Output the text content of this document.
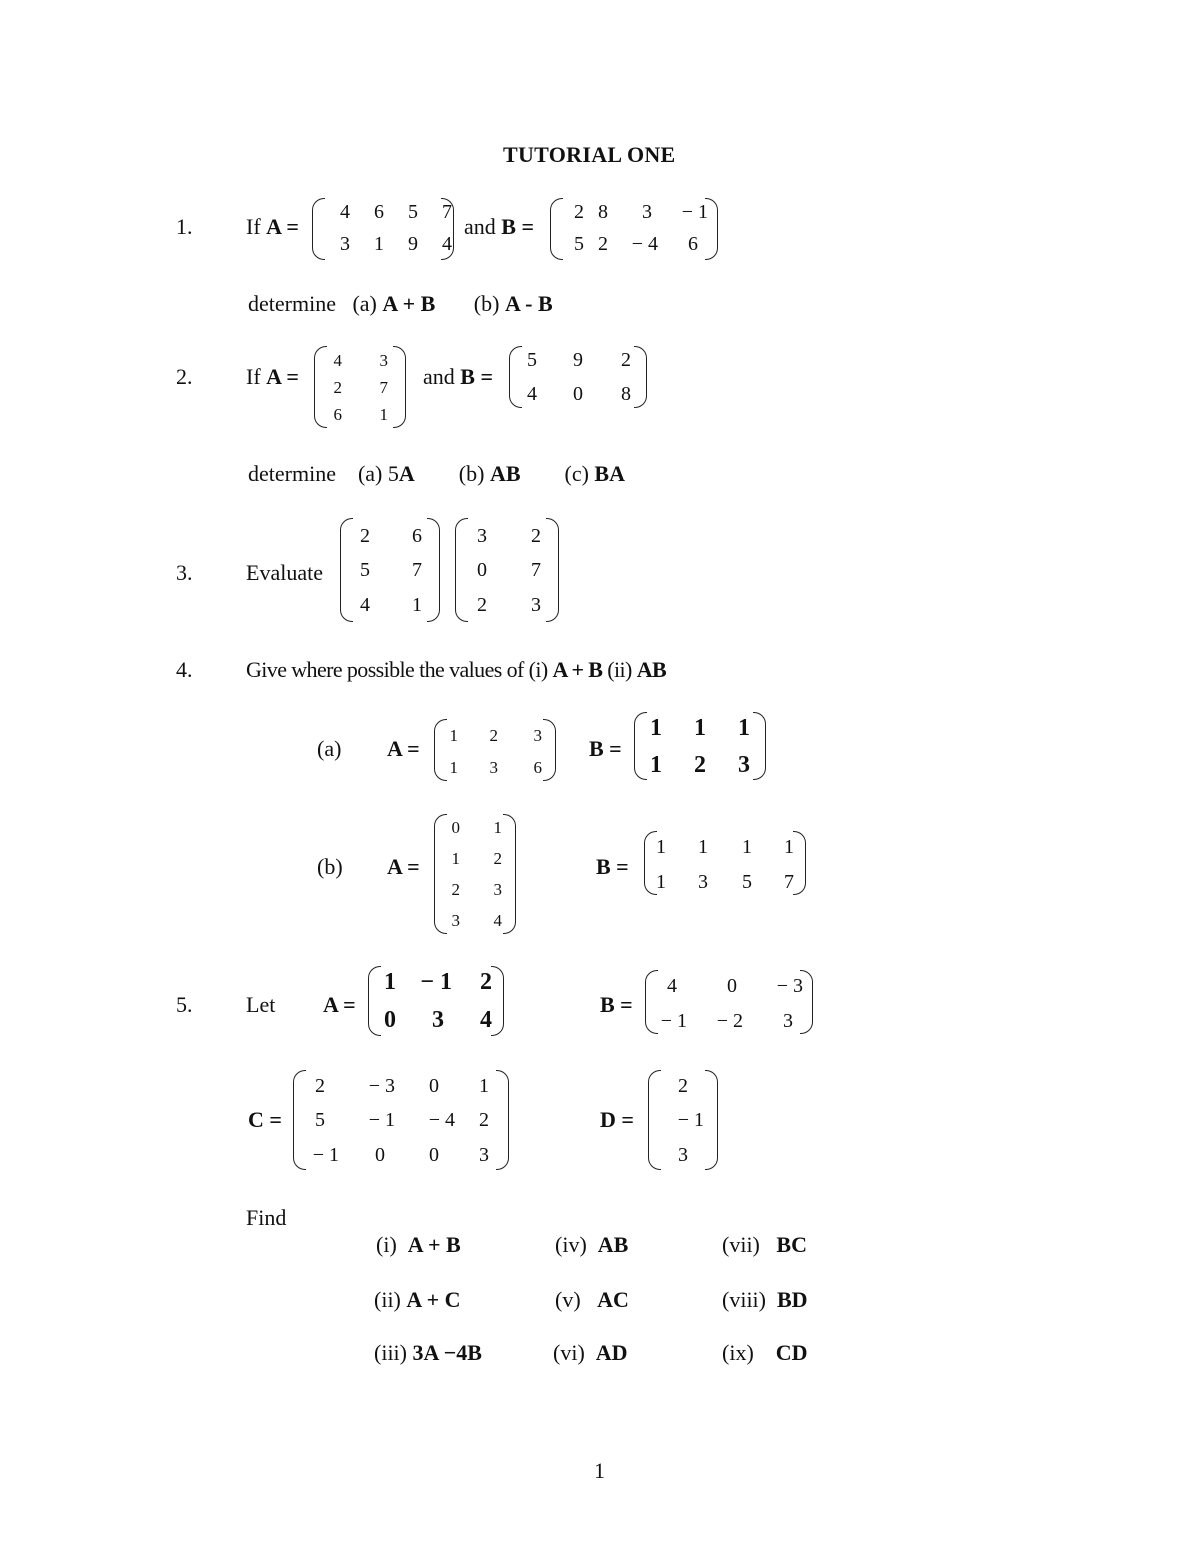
TUTORIAL ONE
1. If A =
4	6	5	7
3	1	9	4
and B =
2 8	3	− 1
5 2	− 4	6
determine (a) A + B (b) A - B
2. If A =
4	3
2	7
6	1
and B =
5	9	2
4	0	8
determine (a) 5A (b) AB (c) BA
3. Evaluate
2	6
5	7
4	1
3	2
0	7
2	3
4. Give where possible the values of (i) A + B (ii) AB
(a) A =
1	2	3
1	3	6
B =
1 1 1
1 2 3
(b) A =
0	1
1	2
2	3
3	4
B =
1	1	1	1
1	3	5	7
5. Let A =
1	− 1	2
0	3	4
B =
4	0	− 3
− 1	− 2	3
C =
2	− 3	0	1
5	− 1	− 4	2
− 1	0	0	3
D =
2
− 1
3
Find
(i) A + B	(iv) AB	(vii) BC
(ii) A + C	(v) AC	(viii) BD
(iii) 3A −4B	(vi) AD	(ix) CD
1
